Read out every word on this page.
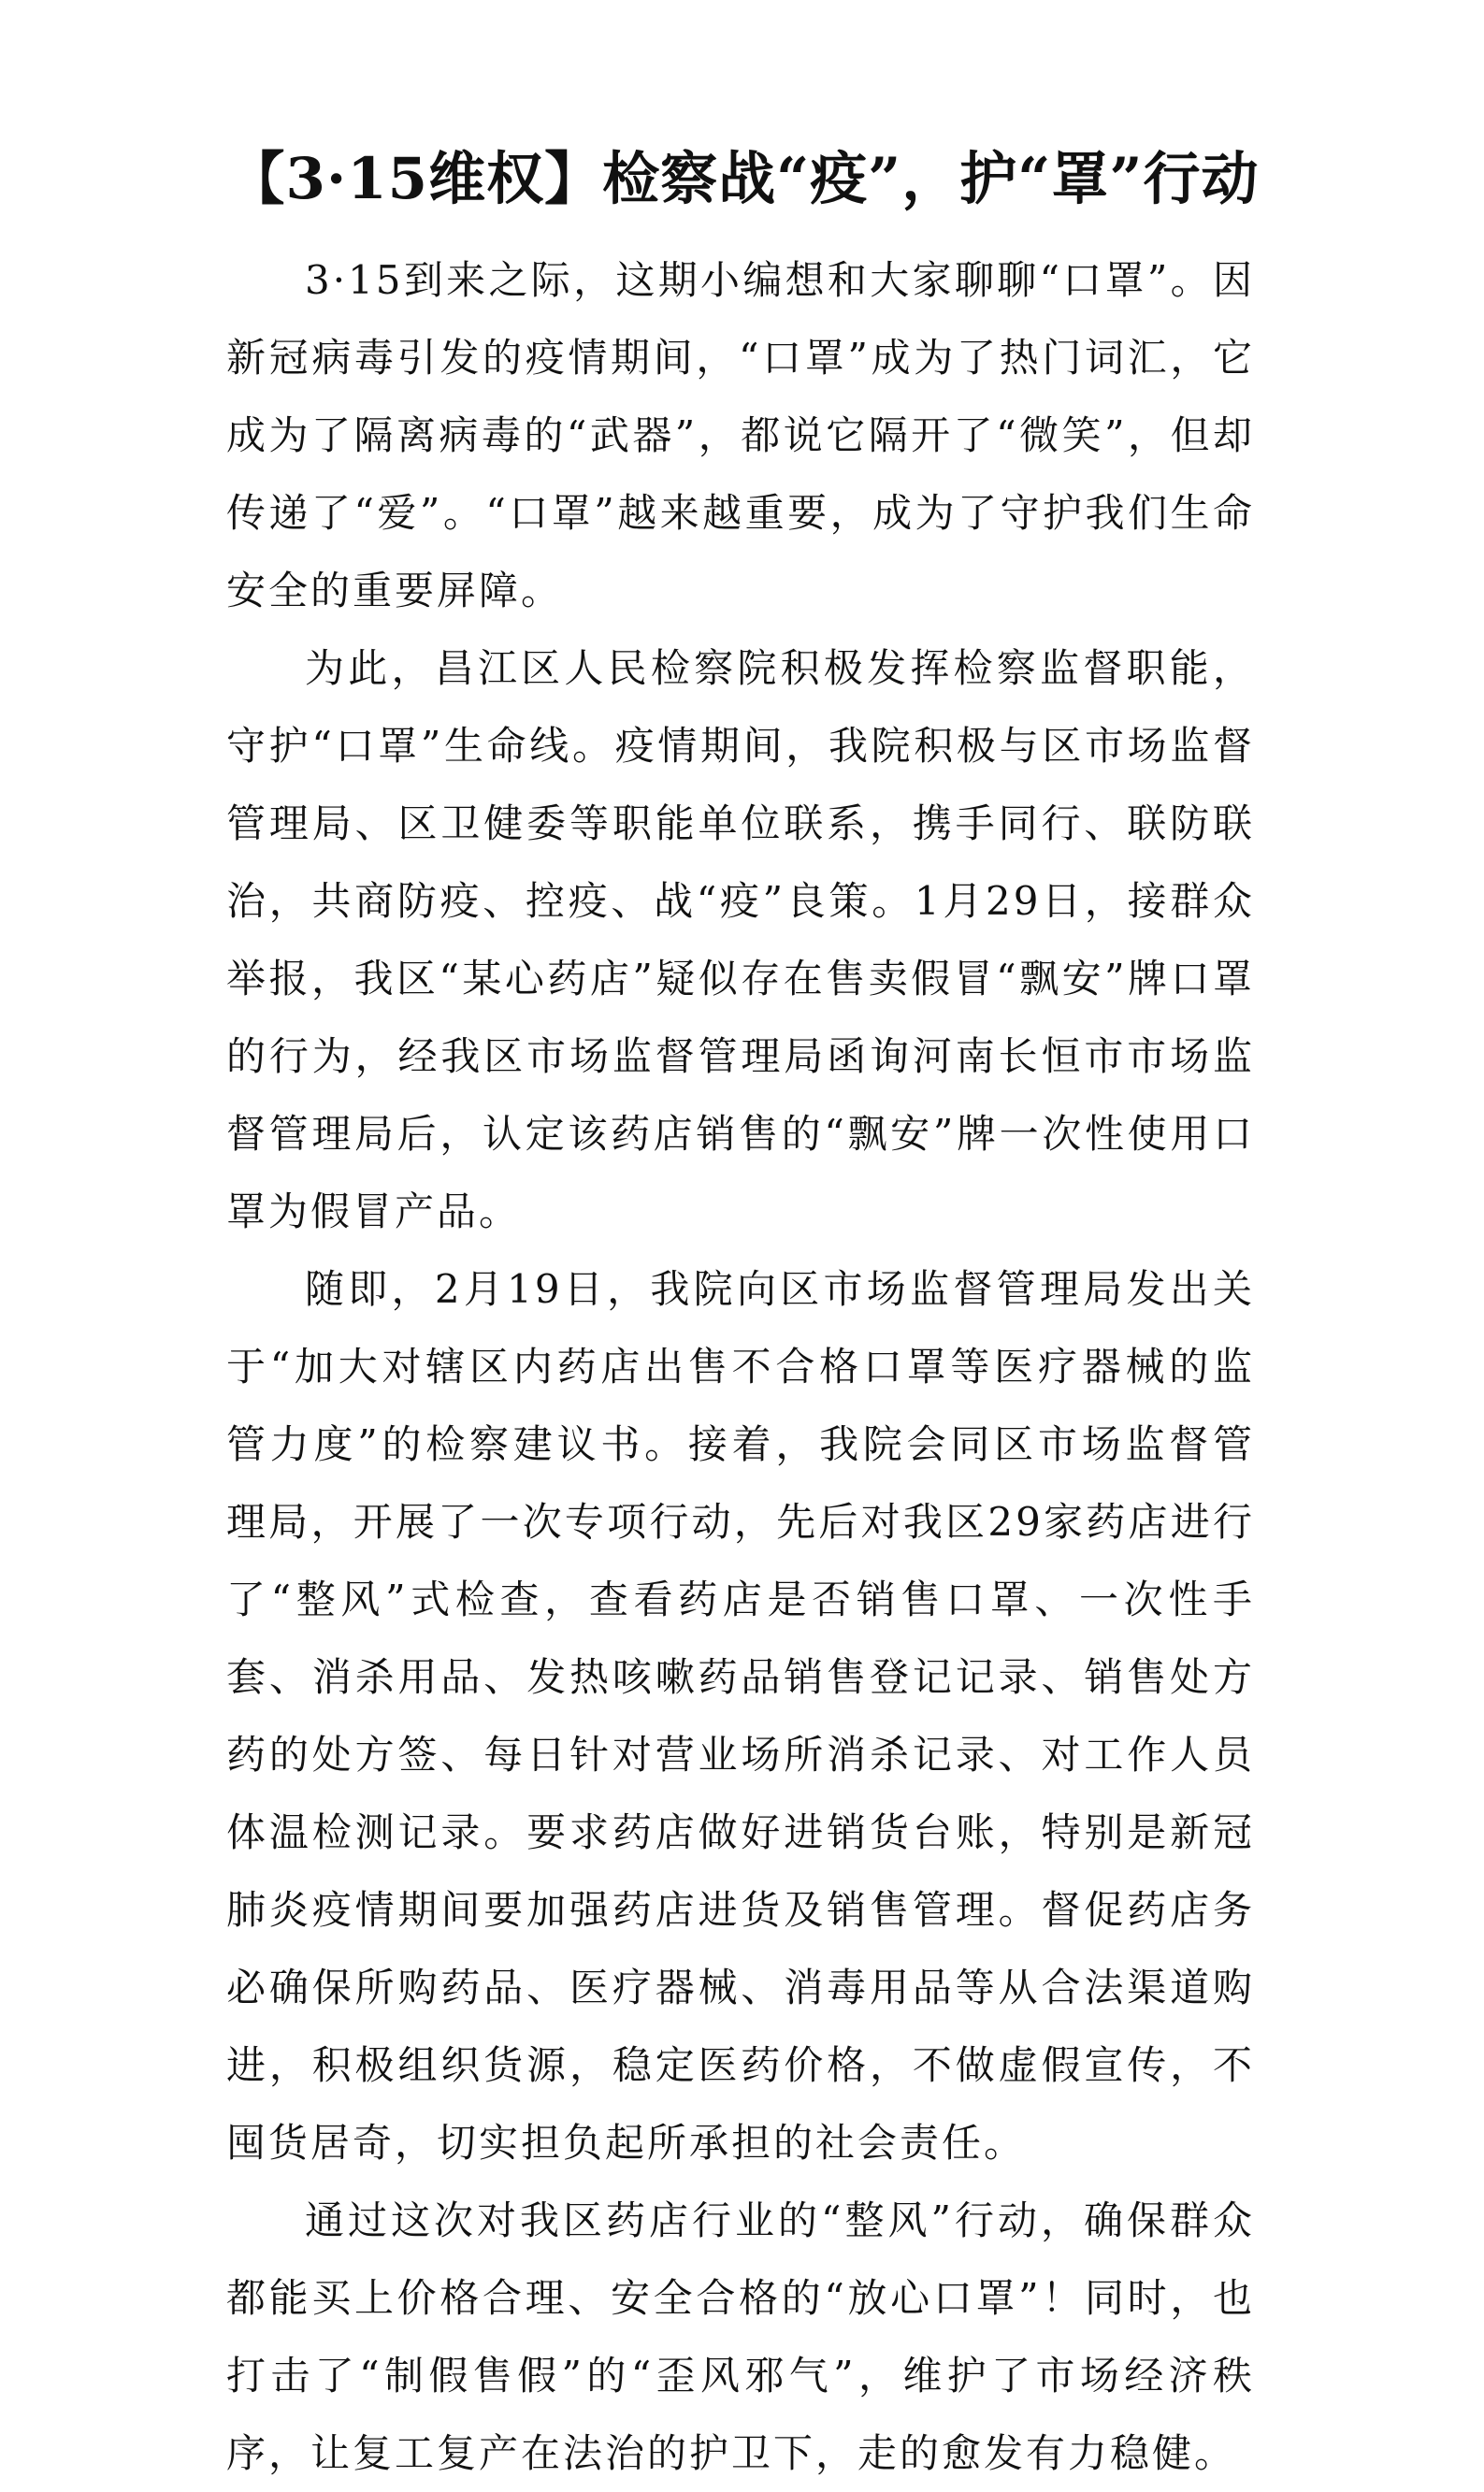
【3·15维权】检察战“疫”，护“罩”行动

3·15到来之际，这期小编想和大家聊聊“口罩”。因新冠病毒引发的疫情期间，“口罩”成为了热门词汇，它成为了隔离病毒的“武器”，都说它隔开了“微笑”，但却传递了“爱”。“口罩”越来越重要，成为了守护我们生命安全的重要屏障。

为此，昌江区人民检察院积极发挥检察监督职能，守护“口罩”生命线。疫情期间，我院积极与区市场监督管理局、区卫健委等职能单位联系，携手同行、联防联治，共商防疫、控疫、战“疫”良策。1月29日，接群众举报，我区“某心药店”疑似存在售卖假冒“飘安”牌口罩的行为，经我区市场监督管理局函询河南长恒市市场监督管理局后，认定该药店销售的“飘安”牌一次性使用口罩为假冒产品。

随即，2月19日，我院向区市场监督管理局发出关于“加大对辖区内药店出售不合格口罩等医疗器械的监管力度”的检察建议书。接着，我院会同区市场监督管理局，开展了一次专项行动，先后对我区29家药店进行了“整风”式检查，查看药店是否销售口罩、一次性手套、消杀用品、发热咳嗽药品销售登记记录、销售处方药的处方签、每日针对营业场所消杀记录、对工作人员体温检测记录。要求药店做好进销货台账，特别是新冠肺炎疫情期间要加强药店进货及销售管理。督促药店务必确保所购药品、医疗器械、消毒用品等从合法渠道购进，积极组织货源，稳定医药价格，不做虚假宣传，不囤货居奇，切实担负起所承担的社会责任。

通过这次对我区药店行业的“整风”行动，确保群众都能买上价格合理、安全合格的“放心口罩”！同时，也打击了“制假售假”的“歪风邪气”，维护了市场经济秩序，让复工复产在法治的护卫下，走的愈发有力稳健。
